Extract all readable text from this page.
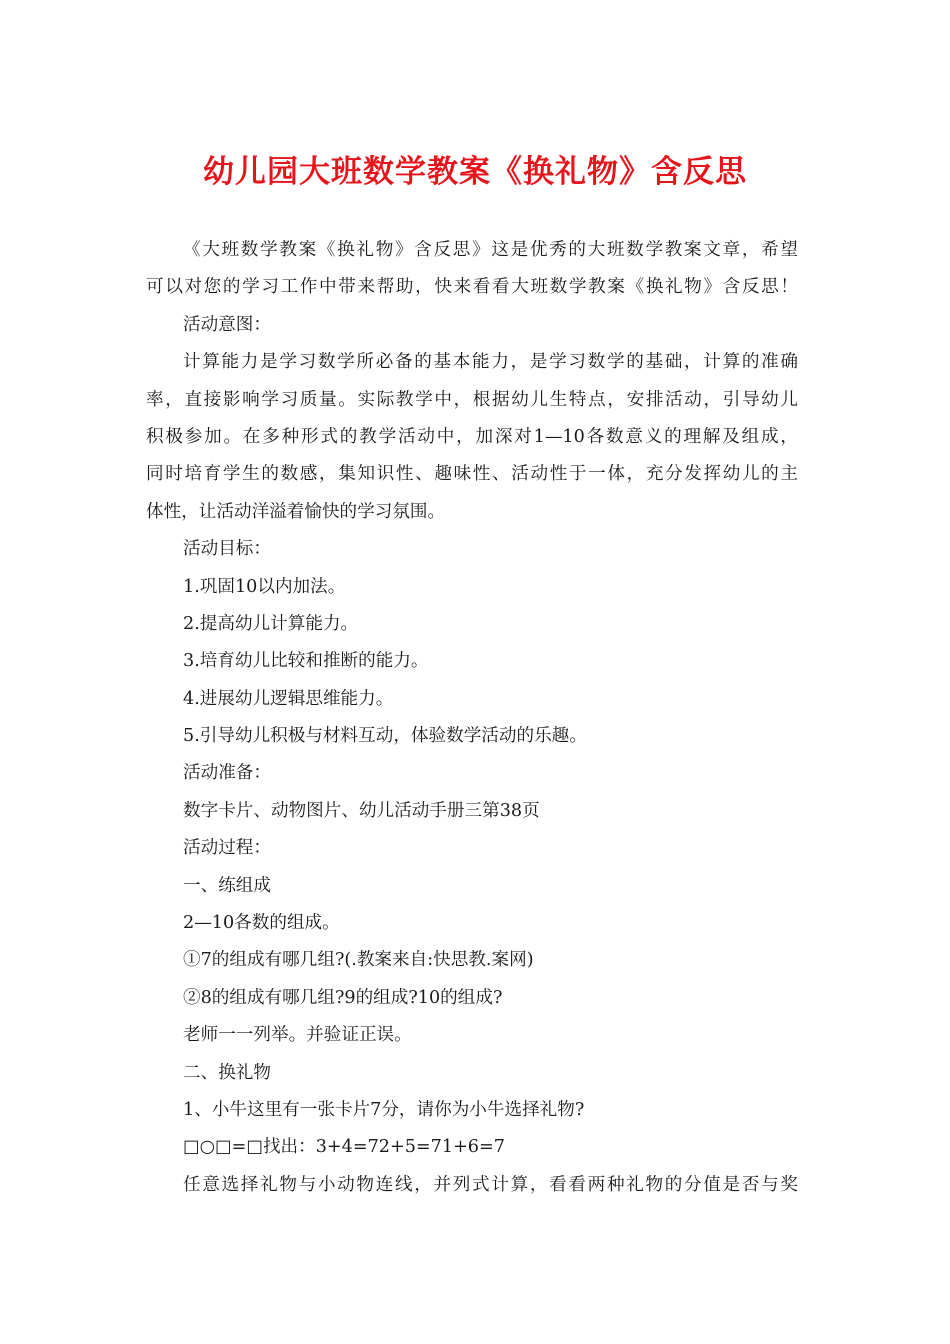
幼儿园大班数学教案《换礼物》含反思
《大班数学教案《换礼物》含反思》这是优秀的大班数学教案文章，希望
可以对您的学习工作中带来帮助，快来看看大班数学教案《换礼物》含反思！
活动意图：
计算能力是学习数学所必备的基本能力，是学习数学的基础，计算的准确
率，直接影响学习质量。实际教学中，根据幼儿生特点，安排活动，引导幼儿
积极参加。在多种形式的教学活动中，加深对1—10各数意义的理解及组成，
同时培育学生的数感，集知识性、趣味性、活动性于一体，充分发挥幼儿的主
体性，让活动洋溢着愉快的学习氛围。
活动目标：
1.巩固10以内加法。
2.提高幼儿计算能力。
3.培育幼儿比较和推断的能力。
4.进展幼儿逻辑思维能力。
5.引导幼儿积极与材料互动，体验数学活动的乐趣。
活动准备：
数字卡片、动物图片、幼儿活动手册三第38页
活动过程：
一、练组成
2—10各数的组成。
①7的组成有哪几组?(.教案来自:快思教.案网)
②8的组成有哪几组?9的组成?10的组成?
老师一一列举。并验证正误。
二、换礼物
1、小牛这里有一张卡片7分，请你为小牛选择礼物?
□○□=□找出：3+4=72+5=71+6=7
任意选择礼物与小动物连线，并列式计算，看看两种礼物的分值是否与奖
